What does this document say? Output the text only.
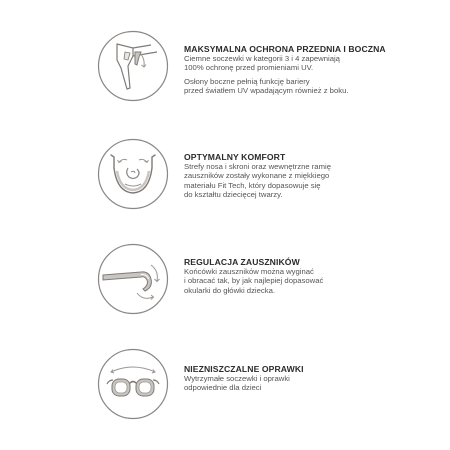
MAKSYMALNA OCHRONA PRZEDNIA I BOCZNA

Ciemne soczewki w kategorii 3 i 4 zapewniają

100% ochronę przed promieniami UV.

Osłony boczne pełnią funkcję bariery

przed światłem UV wpadającym również z boku.

OPTYMALNY KOMFORT

Strefy nosa i skroni oraz wewnętrzne ramię

zauszników zostały wykonane z miękkiego

materiału Fit Tech, który dopasowuje się

do kształtu dziecięcej twarzy.

REGULACJA ZAUSZNIKÓW

Końcówki zauszników można wyginać

i obracać tak, by jak najlepiej dopasować

okularki do główki dziecka.

NIEZNISZCZALNE OPRAWKI

Wytrzymałe soczewki i oprawki

odpowiednie dla dzieci
